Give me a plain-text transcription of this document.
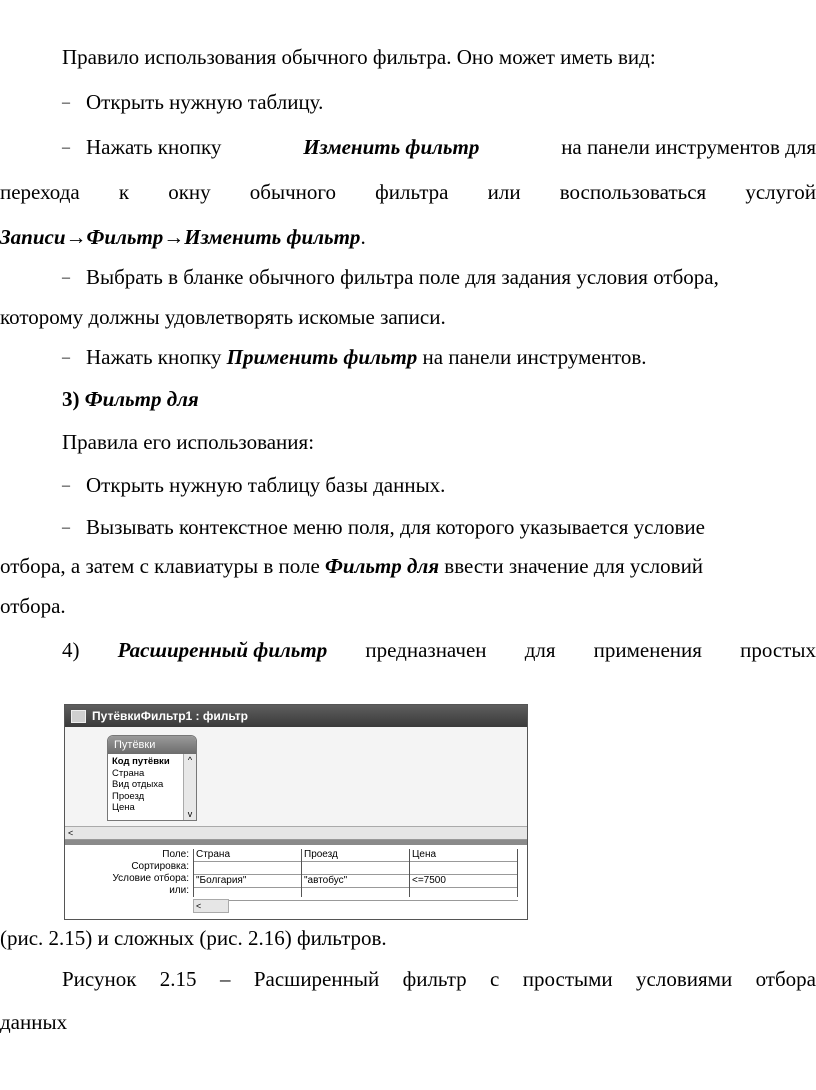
Правило использования обычного фильтра. Оно может иметь вид:
– Открыть нужную таблицу.
– Нажать кнопку	Изменить фильтр	на панели инструментов для
перехода к окну обычного фильтра или воспользоваться услугой
Записи→Фильтр→Изменить фильтр.
– Выбрать в бланке обычного фильтра поле для задания условия отбора,
которому должны удовлетворять искомые записи.
– Нажать кнопку Применить фильтр на панели инструментов.
3) Фильтр для
Правила его использования:
– Открыть нужную таблицу базы данных.
– Вызывать контекстное меню поля, для которого указывается условие
отбора, а затем с клавиатуры в поле Фильтр для ввести значение для условий
отбора.
4) Расширенный фильтр предназначен для применения простых
ПутёвкиФильтр1 : фильтр
Путёвки
Код путёвки
Страна
Вид отдыха
Проезд
Цена
^
v
<
Поле:
Сортировка:
Условие отбора:
или:
Страна
"Болгария"
Проезд
"автобус"
Цена
<=7500
<
(рис. 2.15) и сложных (рис. 2.16) фильтров.
Рисунок 2.15 – Расширенный фильтр с простыми условиями отбора
данных
